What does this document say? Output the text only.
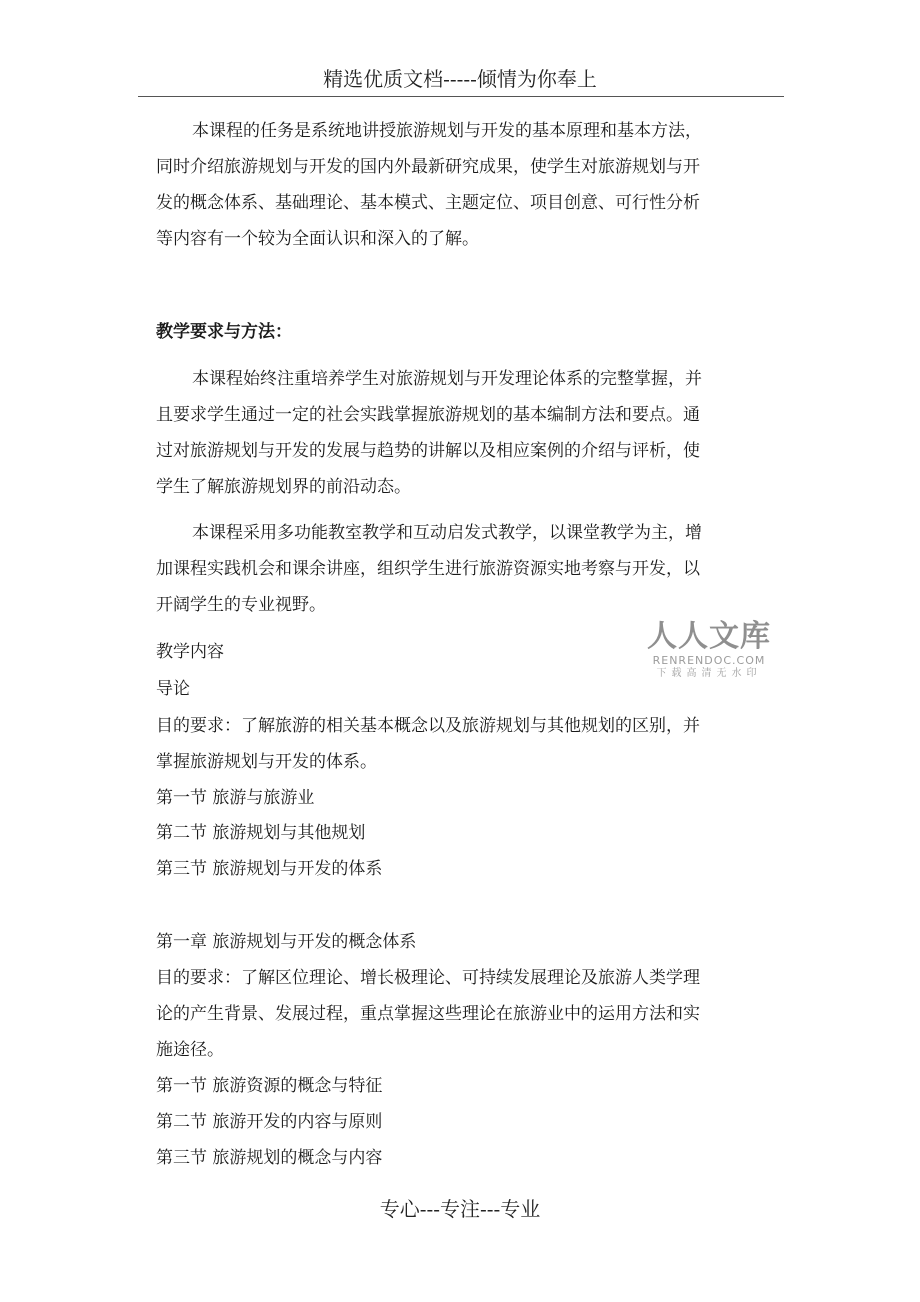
精选优质文档-----倾情为你奉上
本课程的任务是系统地讲授旅游规划与开发的基本原理和基本方法，
同时介绍旅游规划与开发的国内外最新研究成果，使学生对旅游规划与开
发的概念体系、基础理论、基本模式、主题定位、项目创意、可行性分析
等内容有一个较为全面认识和深入的了解。
教学要求与方法：
本课程始终注重培养学生对旅游规划与开发理论体系的完整掌握，并
且要求学生通过一定的社会实践掌握旅游规划的基本编制方法和要点。通
过对旅游规划与开发的发展与趋势的讲解以及相应案例的介绍与评析，使
学生了解旅游规划界的前沿动态。
本课程采用多功能教室教学和互动启发式教学，以课堂教学为主，增
加课程实践机会和课余讲座，组织学生进行旅游资源实地考察与开发，以
开阔学生的专业视野。
教学内容
导论
目的要求：了解旅游的相关基本概念以及旅游规划与其他规划的区别，并
掌握旅游规划与开发的体系。
第一节 旅游与旅游业
第二节 旅游规划与其他规划
第三节 旅游规划与开发的体系
第一章 旅游规划与开发的概念体系
目的要求：了解区位理论、增长极理论、可持续发展理论及旅游人类学理
论的产生背景、发展过程，重点掌握这些理论在旅游业中的运用方法和实
施途径。
第一节 旅游资源的概念与特征
第二节 旅游开发的内容与原则
第三节 旅游规划的概念与内容
人人文库
RENRENDOC.COM
下载高清无水印
专心---专注---专业
